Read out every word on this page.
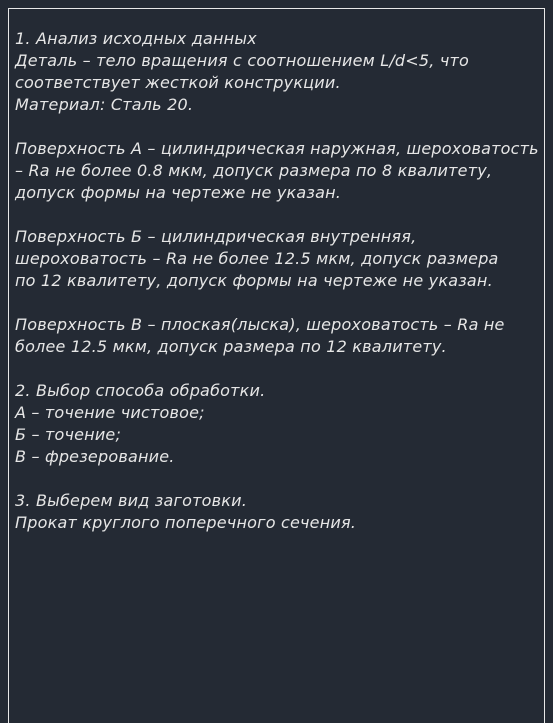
1. Анализ исходных данных
Деталь – тело вращения с соотношением L/d<5, что
соответствует жесткой конструкции.
Материал: Сталь 20.
Поверхность А – цилиндрическая наружная, шероховатость
– Ra не более 0.8 мкм, допуск размера по 8 квалитету,
допуск формы на чертеже не указан.
Поверхность Б – цилиндрическая внутренняя,
шероховатость – Ra не более 12.5 мкм, допуск размера
по 12 квалитету, допуск формы на чертеже не указан.
Поверхность В – плоская(лыска), шероховатость – Ra не
более 12.5 мкм, допуск размера по 12 квалитету.
2. Выбор способа обработки.
А – точение чистовое;
Б – точение;
В – фрезерование.
3. Выберем вид заготовки.
Прокат круглого поперечного сечения.
